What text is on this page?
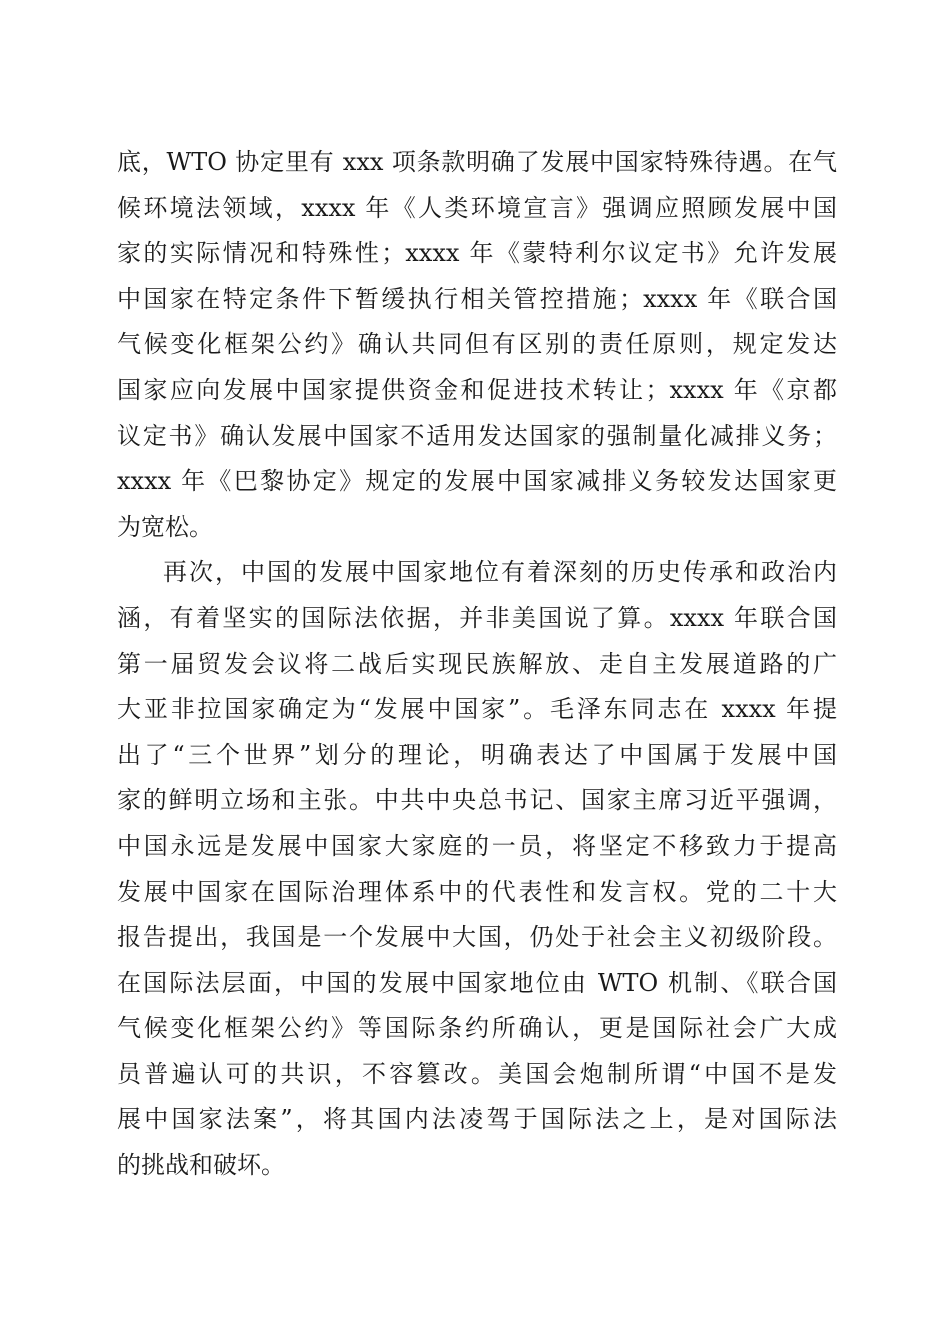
底，WTO 协定里有 xxx 项条款明确了发展中国家特殊待遇。在气
候环境法领域，xxxx 年《人类环境宣言》强调应照顾发展中国
家的实际情况和特殊性；xxxx 年《蒙特利尔议定书》允许发展
中国家在特定条件下暂缓执行相关管控措施；xxxx 年《联合国
气候变化框架公约》确认共同但有区别的责任原则，规定发达
国家应向发展中国家提供资金和促进技术转让；xxxx 年《京都
议定书》确认发展中国家不适用发达国家的强制量化减排义务；
xxxx 年《巴黎协定》规定的发展中国家减排义务较发达国家更
为宽松。
再次，中国的发展中国家地位有着深刻的历史传承和政治内
涵，有着坚实的国际法依据，并非美国说了算。xxxx 年联合国
第一届贸发会议将二战后实现民族解放、走自主发展道路的广
大亚非拉国家确定为“发展中国家”。毛泽东同志在 xxxx 年提
出了“三个世界”划分的理论，明确表达了中国属于发展中国
家的鲜明立场和主张。中共中央总书记、国家主席习近平强调，
中国永远是发展中国家大家庭的一员，将坚定不移致力于提高
发展中国家在国际治理体系中的代表性和发言权。党的二十大
报告提出，我国是一个发展中大国，仍处于社会主义初级阶段。
在国际法层面，中国的发展中国家地位由 WTO 机制、《联合国
气候变化框架公约》等国际条约所确认，更是国际社会广大成
员普遍认可的共识，不容篡改。美国会炮制所谓“中国不是发
展中国家法案”，将其国内法凌驾于国际法之上，是对国际法
的挑战和破坏。
